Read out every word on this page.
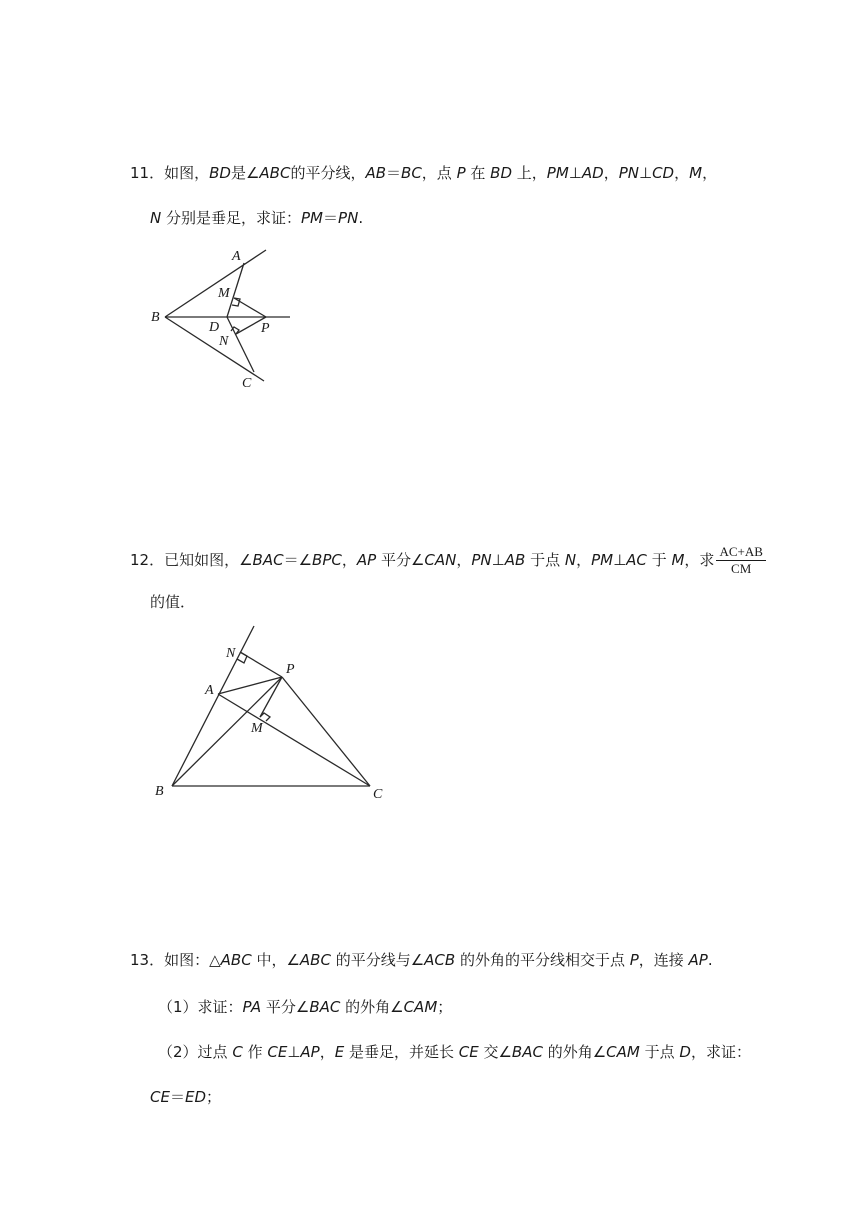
11．如图，BD是∠ABC的平分线，AB＝BC，点 P 在 BD 上，PM⊥AD，PN⊥CD，M，
N 分别是垂足，求证：PM＝PN.
A
M
B
D	P
N
C
12．已知如图，∠BAC＝∠BPC，AP 平分∠CAN，PN⊥AB 于点 N，PM⊥AC 于 M，求 $\frac{AC+AB}{CM}$
的值．
N
P
A
M
B	C
13．如图：△ABC 中，∠ABC 的平分线与∠ACB 的外角的平分线相交于点 P，连接 AP.
（1）求证：PA 平分∠BAC 的外角∠CAM；
（2）过点 C 作 CE⊥AP，E 是垂足，并延长 CE 交∠BAC 的外角∠CAM 于点 D，求证：
CE＝ED；
